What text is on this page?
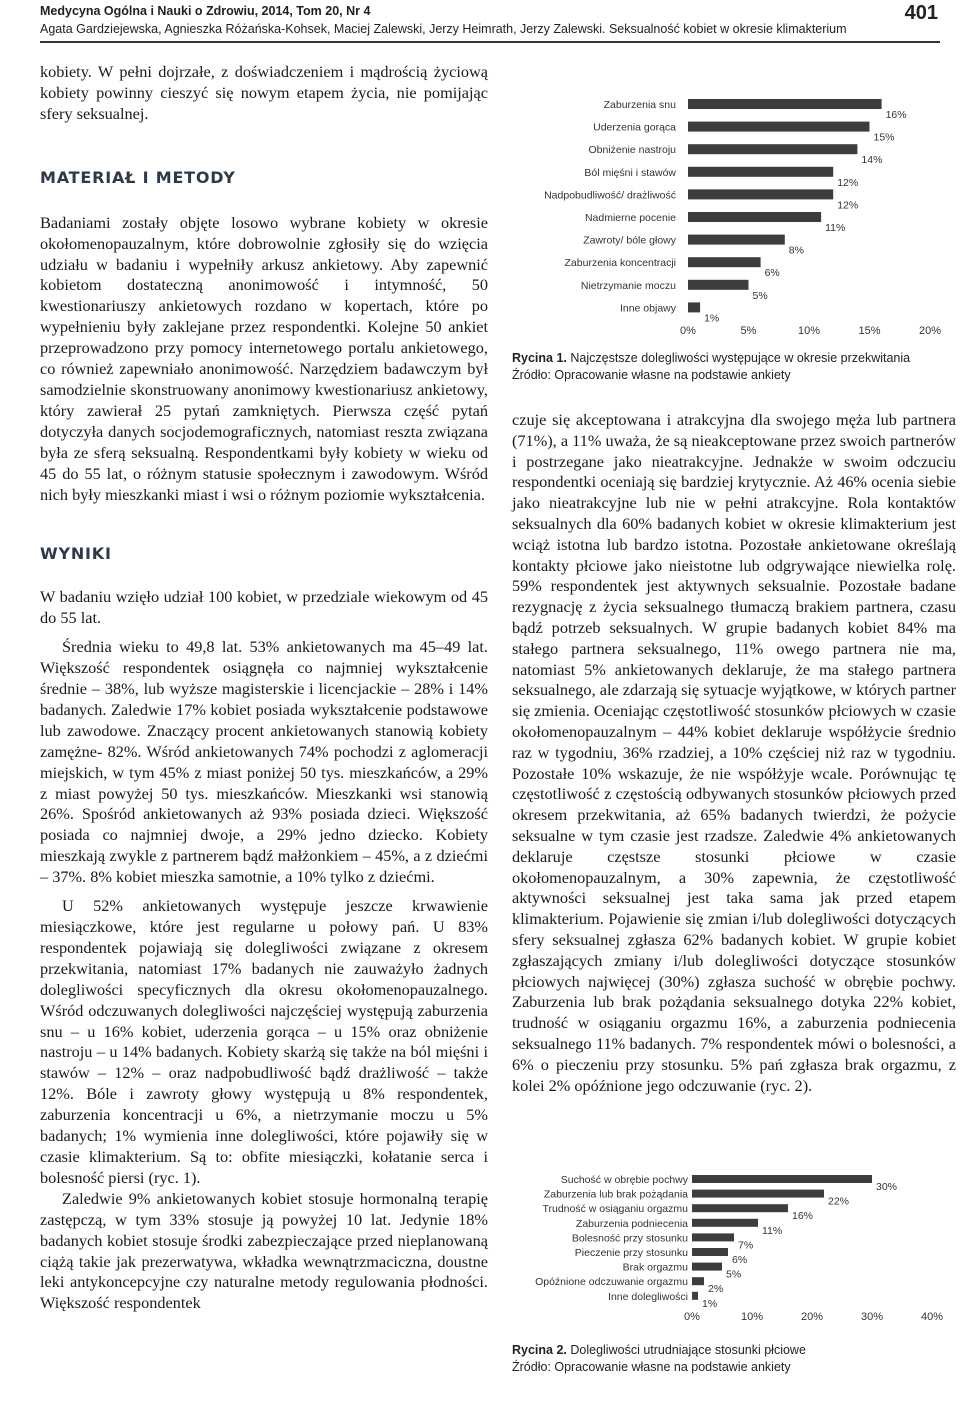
Medycyna Ogólna i Nauki o Zdrowiu, 2014, Tom 20, Nr 4
Agata Gardziejewska, Agnieszka Różańska-Kohsek, Maciej Zalewski, Jerzy Heimrath, Jerzy Zalewski. Seksualność kobiet w okresie klimakterium
401

kobiety. W pełni dojrzałe, z doświadczeniem i mądrością życiową kobiety powinny cieszyć się nowym etapem życia, nie pomijając sfery seksualnej.

MATERIAŁ I METODY

Badaniami zostały objęte losowo wybrane kobiety w okresie okołomenopauzalnym, które dobrowolnie zgłosiły się do wzięcia udziału w badaniu i wypełniły arkusz ankietowy. Aby zapewnić kobietom dostateczną anonimowość i intymność, 50 kwestionariuszy ankietowych rozdano w kopertach, które po wypełnieniu były zaklejane przez respondentki. Kolejne 50 ankiet przeprowadzono przy pomocy internetowego portalu ankietowego, co również zapewniało anonimowość. Narzędziem badawczym był samodzielnie skonstruowany anonimowy kwestionariusz ankietowy, który zawierał 25 pytań zamkniętych. Pierwsza część pytań dotyczyła danych socjodemograficznych, natomiast reszta związana była ze sferą seksualną. Respondentkami były kobiety w wieku od 45 do 55 lat, o różnym statusie społecznym i zawodowym. Wśród nich były mieszkanki miast i wsi o różnym poziomie wykształcenia.

WYNIKI

W badaniu wzięło udział 100 kobiet, w przedziale wiekowym od 45 do 55 lat.

Średnia wieku to 49,8 lat. 53% ankietowanych ma 45–49 lat. Większość respondentek osiągnęła co najmniej wykształcenie średnie – 38%, lub wyższe magisterskie i licencjackie – 28% i 14% badanych. Zaledwie 17% kobiet posiada wykształcenie podstawowe lub zawodowe. Znaczący procent ankietowanych stanowią kobiety zamężne- 82%. Wśród ankietowanych 74% pochodzi z aglomeracji miejskich, w tym 45% z miast poniżej 50 tys. mieszkańców, a 29% z miast powyżej 50 tys. mieszkańców. Mieszkanki wsi stanowią 26%. Spośród ankietowanych aż 93% posiada dzieci. Większość posiada co najmniej dwoje, a 29% jedno dziecko. Kobiety mieszkają zwykle z partnerem bądź małżonkiem – 45%, a z dziećmi – 37%. 8% kobiet mieszka samotnie, a 10% tylko z dziećmi.

U 52% ankietowanych występuje jeszcze krwawienie miesiączkowe, które jest regularne u połowy pań. U 83% respondentek pojawiają się dolegliwości związane z okresem przekwitania, natomiast 17% badanych nie zauważyło żadnych dolegliwości specyficznych dla okresu okołomenopauzalnego. Wśród odczuwanych dolegliwości najczęściej występują zaburzenia snu – u 16% kobiet, uderzenia gorąca – u 15% oraz obniżenie nastroju – u 14% badanych. Kobiety skarżą się także na ból mięśni i stawów – 12% – oraz nadpobudliwość bądź drażliwość – także 12%. Bóle i zawroty głowy występują u 8% respondentek, zaburzenia koncentracji u 6%, a nietrzymanie moczu u 5% badanych; 1% wymienia inne dolegliwości, które pojawiły się w czasie klimakterium. Są to: obfite miesiączki, kołatanie serca i bolesność piersi (ryc. 1).

Zaledwie 9% ankietowanych kobiet stosuje hormonalną terapię zastępczą, w tym 33% stosuje ją powyżej 10 lat. Jedynie 18% badanych kobiet stosuje środki zabezpieczające przed nieplanowaną ciążą takie jak prezerwatywa, wkładka wewnątrzmaciczna, doustne leki antykoncepcyjne czy naturalne metody regulowania płodności. Większość respondentek

Zaburzenia snu
16%
Uderzenia gorąca
15%
Obniżenie nastroju
14%
Ból mięśni i stawów
12%
Nadpobudliwość/ drażliwość
12%
Nadmierne pocenie
11%
Zawroty/ bóle głowy
8%
Zaburzenia koncentracji
6%
Nietrzymanie moczu
5%
Inne objawy
1%
0%	5%	10%	15%	20%
Rycina 1. Najczęstsze dolegliwości występujące w okresie przekwitania
Źródło: Opracowanie własne na podstawie ankiety

czuje się akceptowana i atrakcyjna dla swojego męża lub partnera (71%), a 11% uważa, że są nieakceptowane przez swoich partnerów i postrzegane jako nieatrakcyjne. Jednakże w swoim odczuciu respondentki oceniają się bardziej krytycznie. Aż 46% ocenia siebie jako nieatrakcyjne lub nie w pełni atrakcyjne. Rola kontaktów seksualnych dla 60% badanych kobiet w okresie klimakterium jest wciąż istotna lub bardzo istotna. Pozostałe ankietowane określają kontakty płciowe jako nieistotne lub odgrywające niewielka rolę. 59% respondentek jest aktywnych seksualnie. Pozostałe badane rezygnację z życia seksualnego tłumaczą brakiem partnera, czasu bądź potrzeb seksualnych. W grupie badanych kobiet 84% ma stałego partnera seksualnego, 11% owego partnera nie ma, natomiast 5% ankietowanych deklaruje, że ma stałego partnera seksualnego, ale zdarzają się sytuacje wyjątkowe, w których partner się zmienia. Oceniając częstotliwość stosunków płciowych w czasie okołomenopauzalnym – 44% kobiet deklaruje współżycie średnio raz w tygodniu, 36% rzadziej, a 10% częściej niż raz w tygodniu. Pozostałe 10% wskazuje, że nie współżyje wcale. Porównując tę częstotliwość z częstością odbywanych stosunków płciowych przed okresem przekwitania, aż 65% badanych twierdzi, że pożycie seksualne w tym czasie jest rzadsze. Zaledwie 4% ankietowanych deklaruje częstsze stosunki płciowe w czasie okołomenopauzalnym, a 30% zapewnia, że częstotliwość aktywności seksualnej jest taka sama jak przed etapem klimakterium. Pojawienie się zmian i/lub dolegliwości dotyczących sfery seksualnej zgłasza 62% badanych kobiet. W grupie kobiet zgłaszających zmiany i/lub dolegliwości dotyczące stosunków płciowych najwięcej (30%) zgłasza suchość w obrębie pochwy. Zaburzenia lub brak pożądania seksualnego dotyka 22% kobiet, trudność w osiąganiu orgazmu 16%, a zaburzenia podniecenia seksualnego 11% badanych. 7% respondentek mówi o bolesności, a 6% o pieczeniu przy stosunku. 5% pań zgłasza brak orgazmu, z kolei 2% opóźnione jego odczuwanie (ryc. 2).

Suchość w obrębie pochwy
30%
Zaburzenia lub brak pożądania
22%
Trudność w osiąganiu orgazmu
16%
Zaburzenia podniecenia
11%
Bolesność przy stosunku
7%
Pieczenie przy stosunku
6%
Brak orgazmu
5%
Opóźnione odczuwanie orgazmu
2%
Inne dolegliwości
1%
0%	10%	20%	30%	40%
Rycina 2. Dolegliwości utrudniające stosunki płciowe
Źródło: Opracowanie własne na podstawie ankiety
